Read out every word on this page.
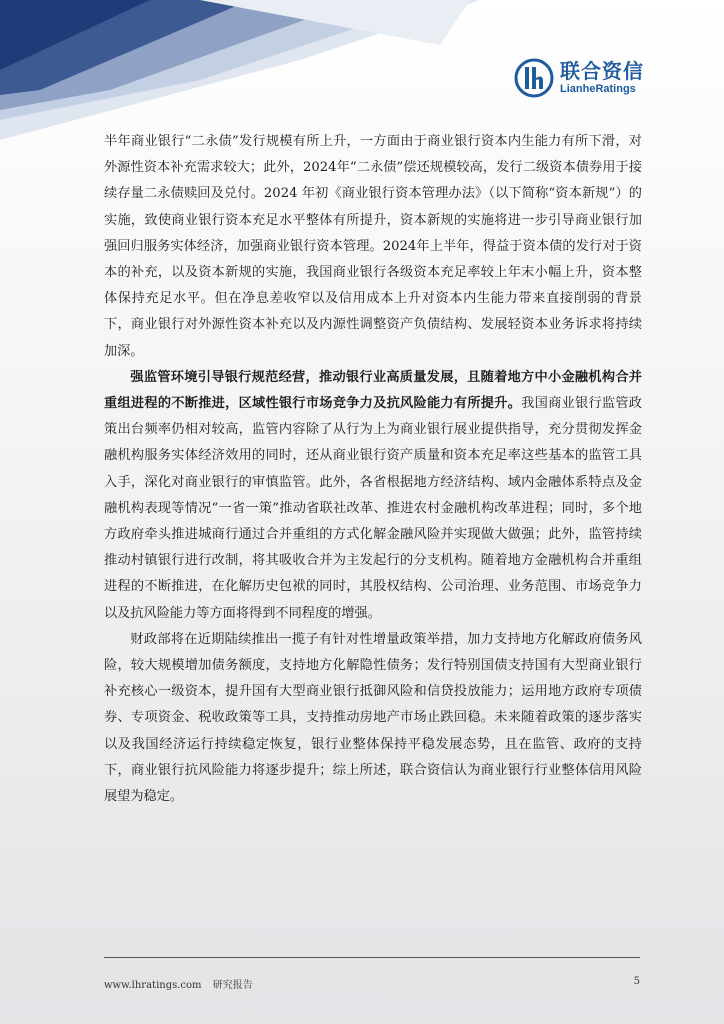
联合资信
LianheRatings

半年商业银行“二永债”发行规模有所上升，一方面由于商业银行资本内生能力有所下滑，对外源性资本补充需求较大；此外，2024年“二永债”偿还规模较高，发行二级资本债券用于接续存量二永债赎回及兑付。2024 年初《商业银行资本管理办法》（以下简称“资本新规”）的实施，致使商业银行资本充足水平整体有所提升，资本新规的实施将进一步引导商业银行加强回归服务实体经济，加强商业银行资本管理。2024年上半年，得益于资本债的发行对于资本的补充，以及资本新规的实施，我国商业银行各级资本充足率较上年末小幅上升，资本整体保持充足水平。但在净息差收窄以及信用成本上升对资本内生能力带来直接削弱的背景下，商业银行对外源性资本补充以及内源性调整资产负债结构、发展轻资本业务诉求将持续加深。

强监管环境引导银行规范经营，推动银行业高质量发展，且随着地方中小金融机构合并重组进程的不断推进，区域性银行市场竞争力及抗风险能力有所提升。我国商业银行监管政策出台频率仍相对较高，监管内容除了从行为上为商业银行展业提供指导，充分贯彻发挥金融机构服务实体经济效用的同时，还从商业银行资产质量和资本充足率这些基本的监管工具入手，深化对商业银行的审慎监管。此外，各省根据地方经济结构、域内金融体系特点及金融机构表现等情况“一省一策”推动省联社改革、推进农村金融机构改革进程；同时，多个地方政府牵头推进城商行通过合并重组的方式化解金融风险并实现做大做强；此外，监管持续推动村镇银行进行改制，将其吸收合并为主发起行的分支机构。随着地方金融机构合并重组进程的不断推进，在化解历史包袱的同时，其股权结构、公司治理、业务范围、市场竞争力以及抗风险能力等方面将得到不同程度的增强。

财政部将在近期陆续推出一揽子有针对性增量政策举措，加力支持地方化解政府债务风险，较大规模增加债务额度，支持地方化解隐性债务；发行特别国债支持国有大型商业银行补充核心一级资本，提升国有大型商业银行抵御风险和信贷投放能力；运用地方政府专项债券、专项资金、税收政策等工具，支持推动房地产市场止跌回稳。未来随着政策的逐步落实以及我国经济运行持续稳定恢复，银行业整体保持平稳发展态势，且在监管、政府的支持下，商业银行抗风险能力将逐步提升；综上所述，联合资信认为商业银行行业整体信用风险展望为稳定。

www.lhratings.com 研究报告	5
